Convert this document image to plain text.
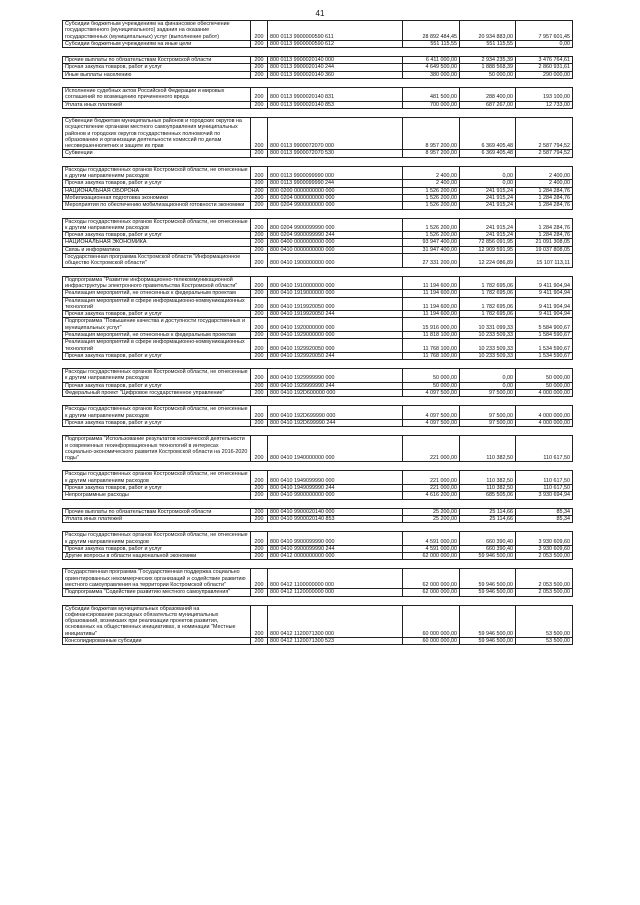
41
Субсидии бюджетным учреждениям на финансовое обеспечение государственного (муниципального) задания на оказание государственных (муниципальных) услуг (выполнение работ)	200	800 0113 9900000590 611	28 892 484,45	20 934 883,00	7 957 601,45
Субсидии бюджетным учреждениям на иные цели	200	800 0113 9900000590 612	551 115,55	551 115,55	0,00

Прочие выплаты по обязательствам Костромской области	200	800 0113 9900020140 000	6 411 000,00	2 934 235,39	3 476 764,61
Прочая закупка товаров, работ и услуг	200	800 0113 9900020140 244	4 649 500,00	1 888 568,39	2 860 931,61
Иные выплаты населению	200	800 0113 9900020140 360	380 000,00	50 000,00	290 000,00

Исполнение судебных актов Российской Федерации и мировых соглашений по возмещению причиненного вреда	200	800 0113 9900020140 831	481 500,00	288 400,00	193 100,00
Уплата иных платежей	200	800 0113 9900020140 853	700 000,00	687 267,00	12 733,00

Субвенции бюджетам муниципальных районов и городских округов на осуществление органами местного самоуправления муниципальных районов и городских округов государственных полномочий по образованию и организации деятельности комиссий по делам несовершеннолетних и защите их прав	200	800 0113 9900072070 000	8 957 200,00	6 369 405,48	2 587 794,52
Субвенции	200	800 0113 9900072070 530	8 957 200,00	6 369 405,48	2 587 794,52

Расходы государственных органов Костромской области, не отнесенные к другим направлениям расходов	200	800 0113 9900099990 000	2 400,00	0,00	2 400,00
Прочая закупка товаров, работ и услуг	200	800 0113 9900099990 244	2 400,00	0,00	2 400,00
НАЦИОНАЛЬНАЯ ОБОРОНА	200	800 0200 0000000000 000	1 526 200,00	241 915,24	1 284 284,76
Мобилизационная подготовка экономики	200	800 0204 0000000000 000	1 526 200,00	241 915,24	1 284 284,76
Мероприятия по обеспечению мобилизационной готовности экономики	200	800 0204 9900000000 000	1 526 200,00	241 915,24	1 284 284,76

Расходы государственных органов Костромской области, не отнесенные к другим направлениям расходов	200	800 0204 9900099990 000	1 526 200,00	241 915,24	1 284 284,76
Прочая закупка товаров, работ и услуг	200	800 0204 9900099990 244	1 526 200,00	241 915,24	1 284 284,76
НАЦИОНАЛЬНАЯ ЭКОНОМИКА	200	800 0400 0000000000 000	93 947 400,00	72 856 091,95	21 091 308,05
Связь и информатика	200	800 0410 0000000000 000	31 947 400,00	12 909 591,95	19 037 808,05
Государственная программа Костромской области "Информационное общество Костромской области"	200	800 0410 1900000000 000	27 331 200,00	12 224 086,89	15 107 113,11

Подпрограмма "Развитие информационно-телекоммуникационной инфраструктуры электронного правительства Костромской области"	200	800 0410 1910000000 000	11 194 600,00	1 782 695,06	9 411 904,94
Реализация мероприятий, не отнесенных к федеральным проектам	200	800 0410 1919000000 000	11 194 600,00	1 782 695,06	9 411 904,94
Реализация мероприятий в сфере информационно-коммуникационных технологий	200	800 0410 1919920050 000	11 194 600,00	1 782 695,06	9 411 904,94
Прочая закупка товаров, работ и услуг	200	800 0410 1919920050 244	11 194 600,00	1 782 695,06	9 411 904,94
Подпрограмма "Повышение качества и доступности государственных и муниципальных услуг"	200	800 0410 1920000000 000	15 916 000,00	10 331 099,33	5 584 900,67
Реализация мероприятий, не отнесенных к федеральным проектам	200	800 0410 1929000000 000	11 818 100,00	10 233 509,33	1 584 590,67
Реализация мероприятий в сфере информационно-коммуникационных технологий	200	800 0410 1929920050 000	11 768 100,00	10 233 509,33	1 534 590,67
Прочая закупка товаров, работ и услуг	200	800 0410 1929920050 244	11 768 100,00	10 233 509,33	1 534 590,67

Расходы государственных органов Костромской области, не отнесенные к другим направлениям расходов	200	800 0410 1929999990 000	50 000,00	0,00	50 000,00
Прочая закупка товаров, работ и услуг	200	800 0410 1929999990 244	50 000,00	0,00	50 000,00
Федеральный проект "Цифровое государственное управление"	200	800 0410 192D600000 000	4 097 500,00	97 500,00	4 000 000,00

Расходы государственных органов Костромской области, не отнесенные к другим направлениям расходов	200	800 0410 192D699990 000	4 097 500,00	97 500,00	4 000 000,00
Прочая закупка товаров, работ и услуг	200	800 0410 192D699990 244	4 097 500,00	97 500,00	4 000 000,00

Подпрограмма "Использование результатов космической деятельности и современных геоинформационных технологий в интересах социально-экономического развития Костромской области на 2016-2020 годы"	200	800 0410 1940000000 000	221 000,00	110 382,50	110 617,50

Расходы государственных органов Костромской области, не отнесенные к другим направлениям расходов	200	800 0410 1949099990 000	221 000,00	110 382,50	110 617,50
Прочая закупка товаров, работ и услуг	200	800 0410 1949099990 244	221 000,00	110 382,50	110 617,50
Непрограммные расходы	200	800 0410 9900000000 000	4 616 200,00	685 505,06	3 930 694,94

Прочие выплаты по обязательствам Костромской области	200	800 0410 9900020140 000	25 200,00	25 114,66	85,34
Уплата иных платежей	200	800 0410 9900020140 853	25 200,00	25 114,66	85,34

Расходы государственных органов Костромской области, не отнесенные к другим направлениям расходов	200	800 0410 9900099990 000	4 591 000,00	660 390,40	3 930 609,60
Прочая закупка товаров, работ и услуг	200	800 0410 9900099990 244	4 591 000,00	660 390,40	3 930 609,60
Другие вопросы в области национальной экономики	200	800 0412 0000000000 000	62 000 000,00	59 946 500,00	2 053 500,00

Государственная программа "Государственная поддержка социально ориентированных некоммерческих организаций и содействие развитию местного самоуправления на территории Костромской области"	200	800 0412 1100000000 000	62 000 000,00	59 946 500,00	2 053 500,00
Подпрограмма "Содействие развитию местного самоуправления"	200	800 0412 1120000000 000	62 000 000,00	59 946 500,00	2 053 500,00

Субсидии бюджетам муниципальных образований на софинансирование расходных обязательств муниципальных образований, возникших при реализации проектов развития, основанных на общественных инициативах, в номинации "Местные инициативы"	200	800 0412 1120071300 000	60 000 000,00	59 946 500,00	53 500,00
Консолидированные субсидии	200	800 0412 1120071300 523	60 000 000,00	59 946 500,00	53 500,00
